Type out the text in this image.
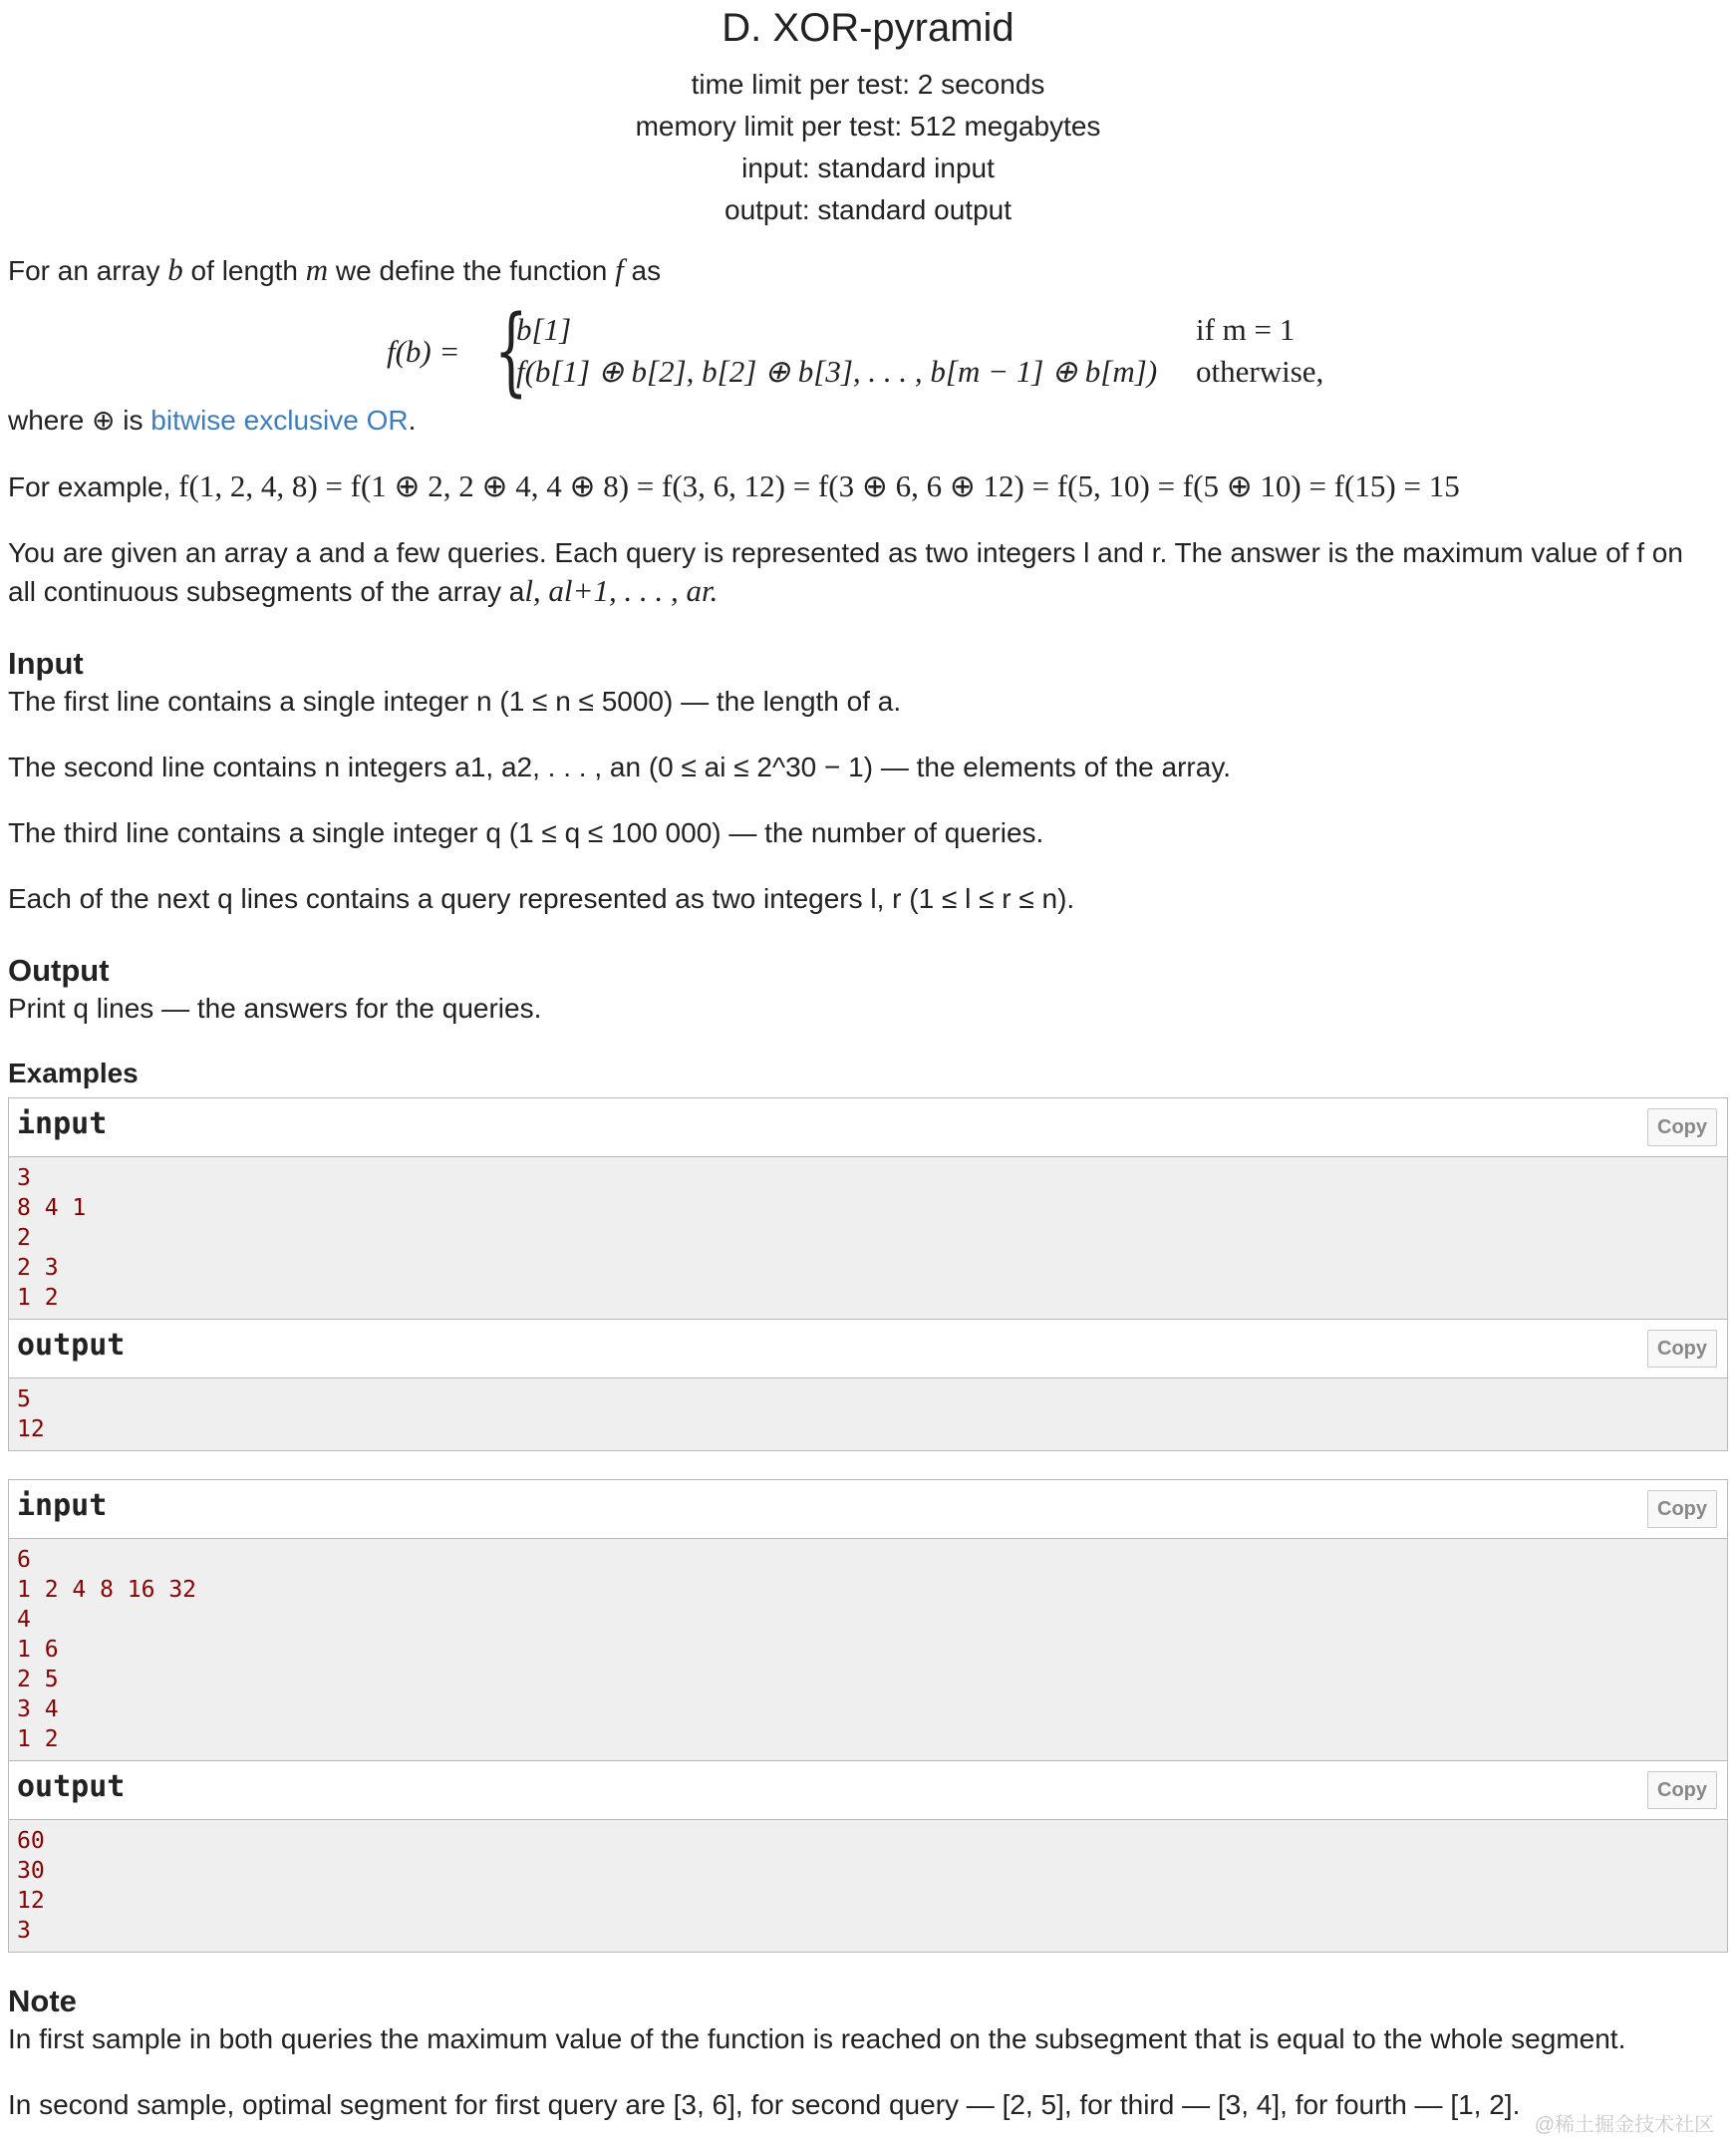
D. XOR-pyramid
time limit per test: 2 seconds
memory limit per test: 512 megabytes
input: standard input
output: standard output

For an array b of length m we define the function f as

f(b) = {
b[1]
f(b[1] ⊕ b[2], b[2] ⊕ b[3], . . . , b[m − 1] ⊕ b[m])
if m = 1
otherwise,

where ⊕ is bitwise exclusive OR.

For example, f(1, 2, 4, 8) = f(1 ⊕ 2, 2 ⊕ 4, 4 ⊕ 8) = f(3, 6, 12) = f(3 ⊕ 6, 6 ⊕ 12) = f(5, 10) = f(5 ⊕ 10) = f(15) = 15

You are given an array a and a few queries. Each query is represented as two integers l and r. The answer is the maximum value of f on
all continuous subsegments of the array al, al+1, . . . , ar.

Input

The first line contains a single integer n (1 ≤ n ≤ 5000) — the length of a.

The second line contains n integers a1, a2, . . . , an (0 ≤ ai ≤ 2^30 − 1) — the elements of the array.

The third line contains a single integer q (1 ≤ q ≤ 100 000) — the number of queries.

Each of the next q lines contains a query represented as two integers l, r (1 ≤ l ≤ r ≤ n).

Output

Print q lines — the answers for the queries.

Examples
input	Copy
3
8 4 1
2
2 3
1 2
output	Copy
5
12
input	Copy
6
1 2 4 8 16 32
4
1 6
2 5
3 4
1 2
output	Copy
60
30
12
3
Note

In first sample in both queries the maximum value of the function is reached on the subsegment that is equal to the whole segment.

In second sample, optimal segment for first query are [3, 6], for second query — [2, 5], for third — [3, 4], for fourth — [1, 2].

@稀土掘金技术社区
